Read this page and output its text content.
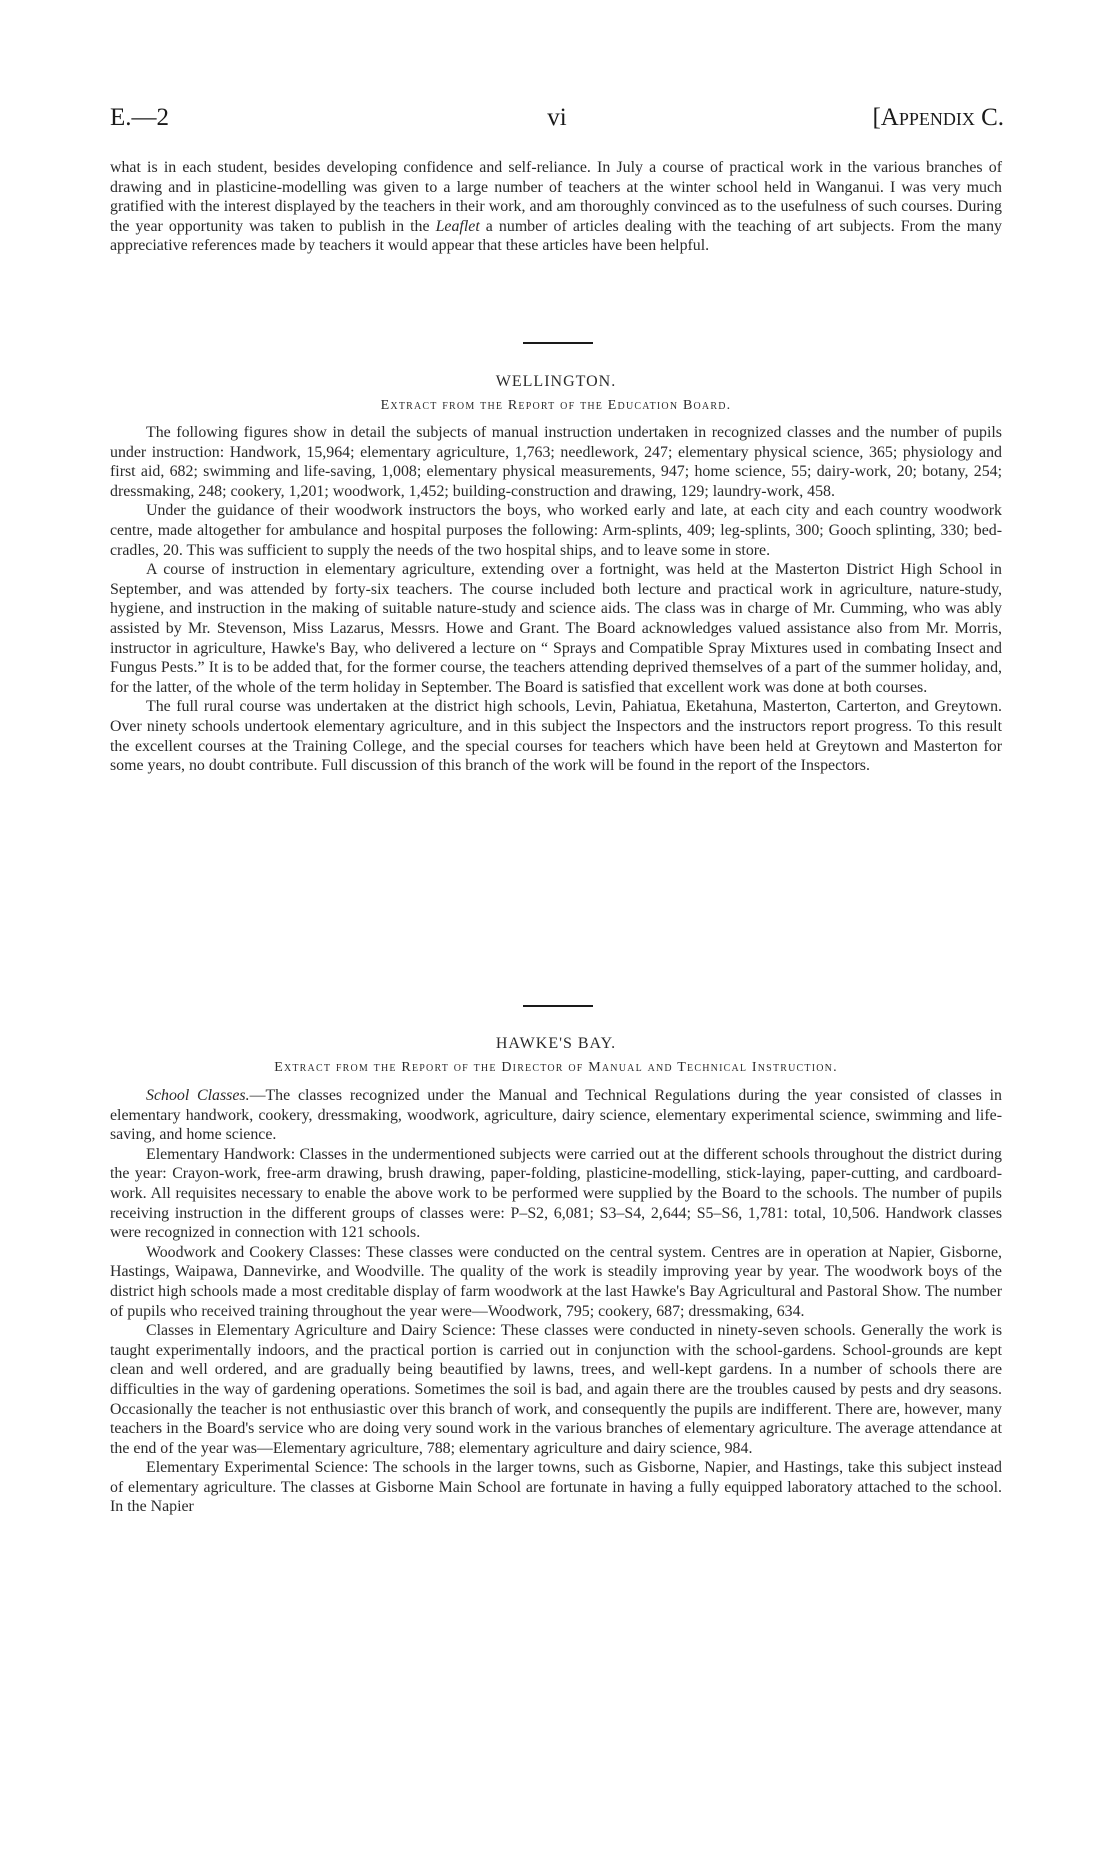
E.—2	vi	[Appendix C.

what is in each student, besides developing confidence and self-reliance. In July a course of practical work in the various branches of drawing and in plasticine-modelling was given to a large number of teachers at the winter school held in Wanganui. I was very much gratified with the interest displayed by the teachers in their work, and am thoroughly convinced as to the usefulness of such courses. During the year opportunity was taken to publish in the Leaflet a number of articles dealing with the teaching of art subjects. From the many appreciative references made by teachers it would appear that these articles have been helpful.

WELLINGTON.
Extract from the Report of the Education Board.

The following figures show in detail the subjects of manual instruction undertaken in recognized classes and the number of pupils under instruction: Handwork, 15,964; elementary agriculture, 1,763; needlework, 247; elementary physical science, 365; physiology and first aid, 682; swimming and life-saving, 1,008; elementary physical measurements, 947; home science, 55; dairy-work, 20; botany, 254; dressmaking, 248; cookery, 1,201; woodwork, 1,452; building-construction and drawing, 129; laundry-work, 458.

Under the guidance of their woodwork instructors the boys, who worked early and late, at each city and each country woodwork centre, made altogether for ambulance and hospital purposes the following: Arm-splints, 409; leg-splints, 300; Gooch splinting, 330; bed-cradles, 20. This was sufficient to supply the needs of the two hospital ships, and to leave some in store.

A course of instruction in elementary agriculture, extending over a fortnight, was held at the Masterton District High School in September, and was attended by forty-six teachers. The course included both lecture and practical work in agriculture, nature-study, hygiene, and instruction in the making of suitable nature-study and science aids. The class was in charge of Mr. Cumming, who was ably assisted by Mr. Stevenson, Miss Lazarus, Messrs. Howe and Grant. The Board acknowledges valued assistance also from Mr. Morris, instructor in agriculture, Hawke's Bay, who delivered a lecture on “ Sprays and Compatible Spray Mixtures used in combating Insect and Fungus Pests.” It is to be added that, for the former course, the teachers attending deprived themselves of a part of the summer holiday, and, for the latter, of the whole of the term holiday in September. The Board is satisfied that excellent work was done at both courses.

The full rural course was undertaken at the district high schools, Levin, Pahiatua, Eketahuna, Masterton, Carterton, and Greytown. Over ninety schools undertook elementary agriculture, and in this subject the Inspectors and the instructors report progress. To this result the excellent courses at the Training College, and the special courses for teachers which have been held at Greytown and Masterton for some years, no doubt contribute. Full discussion of this branch of the work will be found in the report of the Inspectors.

HAWKE'S BAY.
Extract from the Report of the Director of Manual and Technical Instruction.

School Classes.—The classes recognized under the Manual and Technical Regulations during the year consisted of classes in elementary handwork, cookery, dressmaking, woodwork, agriculture, dairy science, elementary experimental science, swimming and life-saving, and home science.

Elementary Handwork: Classes in the undermentioned subjects were carried out at the different schools throughout the district during the year: Crayon-work, free-arm drawing, brush drawing, paper-folding, plasticine-modelling, stick-laying, paper-cutting, and cardboard-work. All requisites necessary to enable the above work to be performed were supplied by the Board to the schools. The number of pupils receiving instruction in the different groups of classes were: P–S2, 6,081; S3–S4, 2,644; S5–S6, 1,781: total, 10,506. Handwork classes were recognized in connection with 121 schools.

Woodwork and Cookery Classes: These classes were conducted on the central system. Centres are in operation at Napier, Gisborne, Hastings, Waipawa, Dannevirke, and Woodville. The quality of the work is steadily improving year by year. The woodwork boys of the district high schools made a most creditable display of farm woodwork at the last Hawke's Bay Agricultural and Pastoral Show. The number of pupils who received training throughout the year were—Woodwork, 795; cookery, 687; dressmaking, 634.

Classes in Elementary Agriculture and Dairy Science: These classes were conducted in ninety-seven schools. Generally the work is taught experimentally indoors, and the practical portion is carried out in conjunction with the school-gardens. School-grounds are kept clean and well ordered, and are gradually being beautified by lawns, trees, and well-kept gardens. In a number of schools there are difficulties in the way of gardening operations. Sometimes the soil is bad, and again there are the troubles caused by pests and dry seasons. Occasionally the teacher is not enthusiastic over this branch of work, and consequently the pupils are indifferent. There are, however, many teachers in the Board's service who are doing very sound work in the various branches of elementary agriculture. The average attendance at the end of the year was—Elementary agriculture, 788; elementary agriculture and dairy science, 984.

Elementary Experimental Science: The schools in the larger towns, such as Gisborne, Napier, and Hastings, take this subject instead of elementary agriculture. The classes at Gisborne Main School are fortunate in having a fully equipped laboratory attached to the school. In the Napier
